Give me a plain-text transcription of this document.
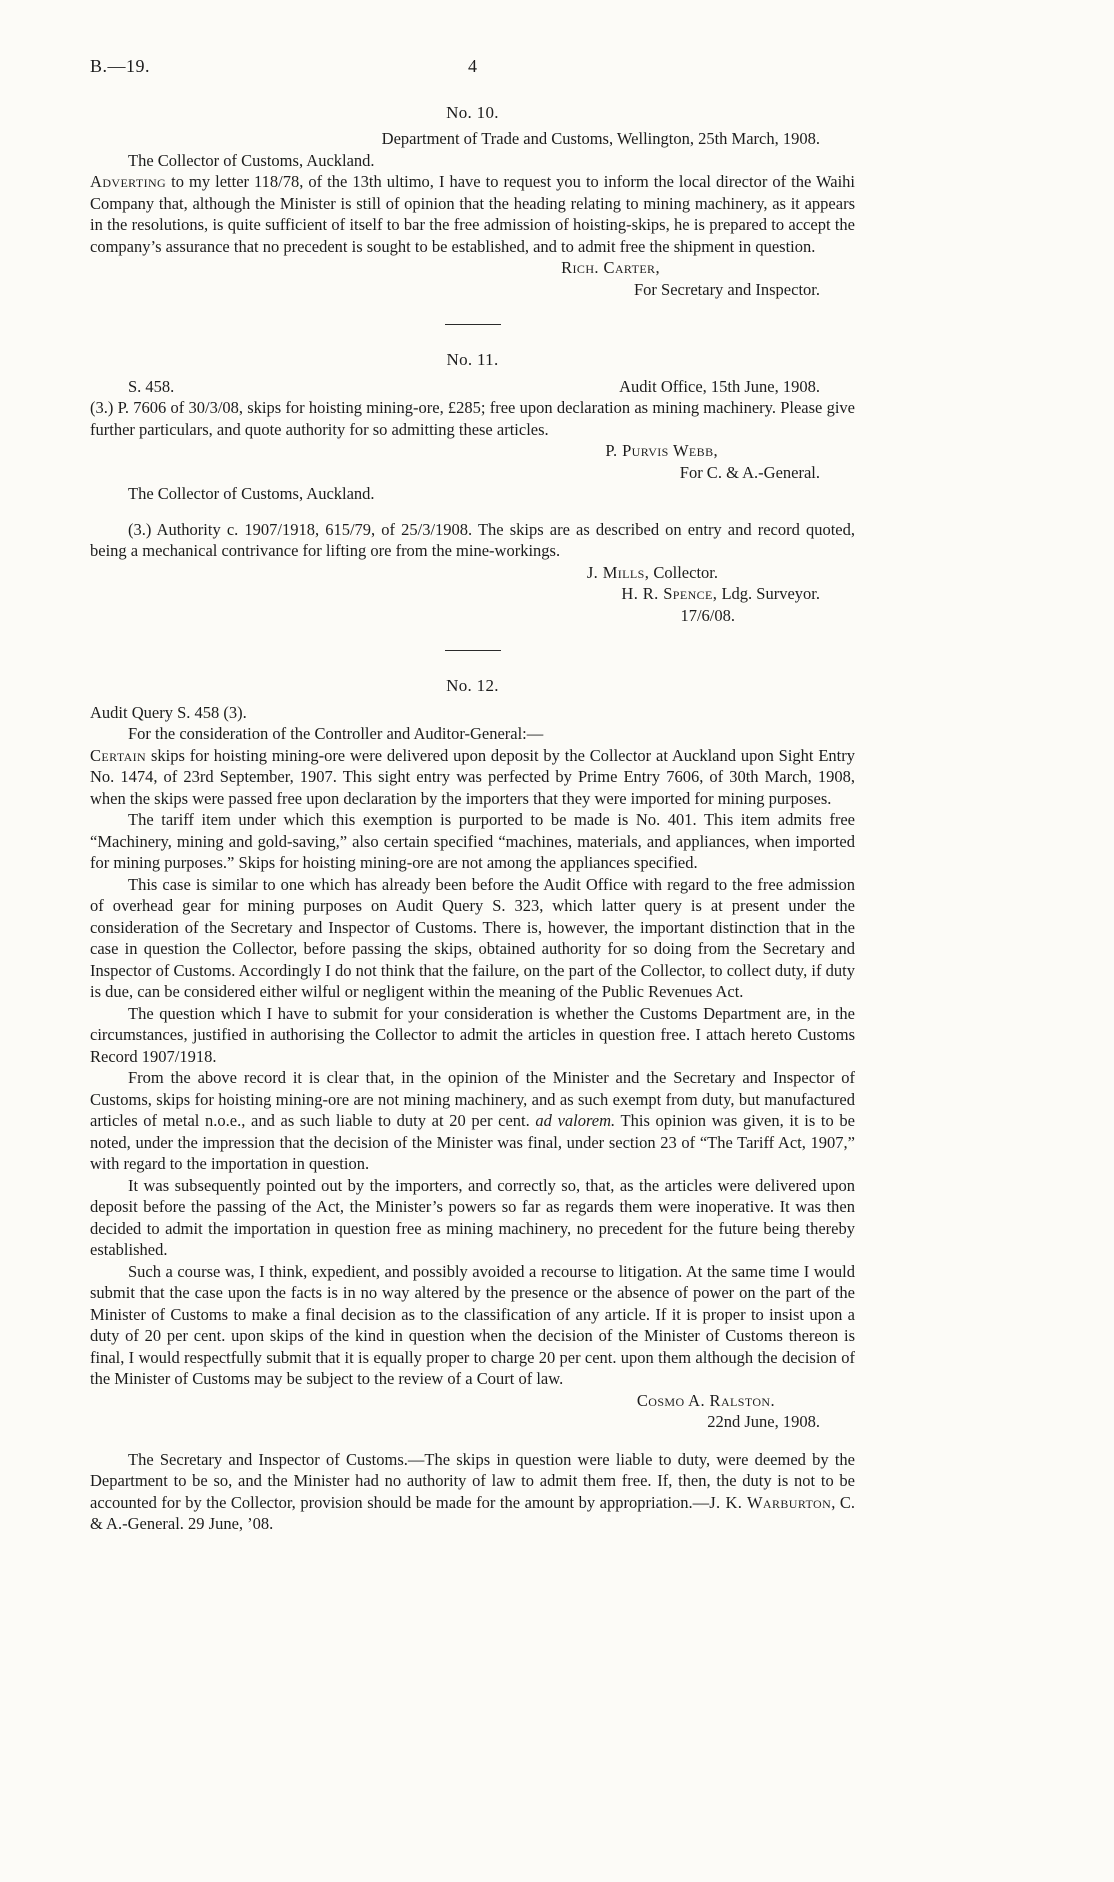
B.—19.	4
No. 10.

Department of Trade and Customs, Wellington, 25th March, 1908.

The Collector of Customs, Auckland.

Adverting to my letter 118/78, of the 13th ultimo, I have to request you to inform the local director of the Waihi Company that, although the Minister is still of opinion that the heading relating to mining machinery, as it appears in the resolutions, is quite sufficient of itself to bar the free admission of hoisting-skips, he is prepared to accept the company’s assurance that no precedent is sought to be established, and to admit free the shipment in question.

Rich. Carter,

For Secretary and Inspector.

No. 11.
S. 458.	Audit Office, 15th June, 1908.

(3.) P. 7606 of 30/3/08, skips for hoisting mining-ore, £285; free upon declaration as mining machinery. Please give further particulars, and quote authority for so admitting these articles.

P. Purvis Webb,

For C. & A.-General.

The Collector of Customs, Auckland.

(3.) Authority c. 1907/1918, 615/79, of 25/3/1908. The skips are as described on entry and record quoted, being a mechanical contrivance for lifting ore from the mine-workings.

J. Mills, Collector.

H. R. Spence, Ldg. Surveyor.

17/6/08.

No. 12.

Audit Query S. 458 (3).

For the consideration of the Controller and Auditor-General:—

Certain skips for hoisting mining-ore were delivered upon deposit by the Collector at Auckland upon Sight Entry No. 1474, of 23rd September, 1907. This sight entry was perfected by Prime Entry 7606, of 30th March, 1908, when the skips were passed free upon declaration by the importers that they were imported for mining purposes.

The tariff item under which this exemption is purported to be made is No. 401. This item admits free “Machinery, mining and gold-saving,” also certain specified “machines, materials, and appliances, when imported for mining purposes.” Skips for hoisting mining-ore are not among the appliances specified.

This case is similar to one which has already been before the Audit Office with regard to the free admission of overhead gear for mining purposes on Audit Query S. 323, which latter query is at present under the consideration of the Secretary and Inspector of Customs. There is, however, the important distinction that in the case in question the Collector, before passing the skips, obtained authority for so doing from the Secretary and Inspector of Customs. Accordingly I do not think that the failure, on the part of the Collector, to collect duty, if duty is due, can be considered either wilful or negligent within the meaning of the Public Revenues Act.

The question which I have to submit for your consideration is whether the Customs Department are, in the circumstances, justified in authorising the Collector to admit the articles in question free. I attach hereto Customs Record 1907/1918.

From the above record it is clear that, in the opinion of the Minister and the Secretary and Inspector of Customs, skips for hoisting mining-ore are not mining machinery, and as such exempt from duty, but manufactured articles of metal n.o.e., and as such liable to duty at 20 per cent. ad valorem. This opinion was given, it is to be noted, under the impression that the decision of the Minister was final, under section 23 of “The Tariff Act, 1907,” with regard to the importation in question.

It was subsequently pointed out by the importers, and correctly so, that, as the articles were delivered upon deposit before the passing of the Act, the Minister’s powers so far as regards them were inoperative. It was then decided to admit the importation in question free as mining machinery, no precedent for the future being thereby established.

Such a course was, I think, expedient, and possibly avoided a recourse to litigation. At the same time I would submit that the case upon the facts is in no way altered by the presence or the absence of power on the part of the Minister of Customs to make a final decision as to the classification of any article. If it is proper to insist upon a duty of 20 per cent. upon skips of the kind in question when the decision of the Minister of Customs thereon is final, I would respectfully submit that it is equally proper to charge 20 per cent. upon them although the decision of the Minister of Customs may be subject to the review of a Court of law.

Cosmo A. Ralston.

22nd June, 1908.

The Secretary and Inspector of Customs.—The skips in question were liable to duty, were deemed by the Department to be so, and the Minister had no authority of law to admit them free. If, then, the duty is not to be accounted for by the Collector, provision should be made for the amount by appropriation.—J. K. Warburton, C. & A.-General. 29 June, ’08.
